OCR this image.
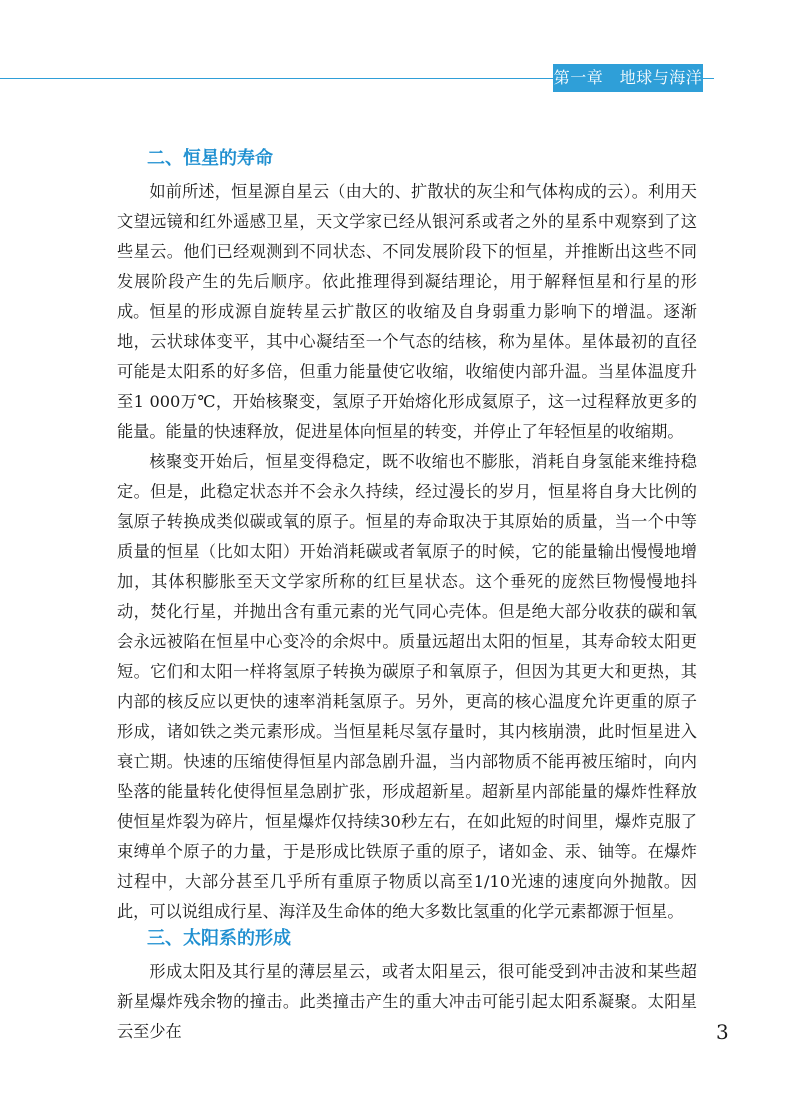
第一章　地球与海洋
二、恒星的寿命

如前所述，恒星源自星云（由大的、扩散状的灰尘和气体构成的云）。利用天文望远镜和红外遥感卫星，天文学家已经从银河系或者之外的星系中观察到了这些星云。他们已经观测到不同状态、不同发展阶段下的恒星，并推断出这些不同发展阶段产生的先后顺序。依此推理得到凝结理论，用于解释恒星和行星的形成。 恒星的形成源自旋转星云扩散区的收缩及自身弱重力影响下的增温。逐渐地，云状球体变平，其中心凝结至一个气态的结核，称为星体。星体最初的直径可能是太阳系的好多倍，但重力能量使它收缩，收缩使内部升温。当星体温度升至1 000万℃，开始核聚变，氢原子开始熔化形成氦原子，这一过程释放更多的能量。能量的快速释放，促进星体向恒星的转变，并停止了年轻恒星的收缩期。

核聚变开始后，恒星变得稳定，既不收缩也不膨胀，消耗自身氢能来维持稳定。但是，此稳定状态并不会永久持续，经过漫长的岁月，恒星将自身大比例的氢原子转换成类似碳或氧的原子。恒星的寿命取决于其原始的质量，当一个中等质量的恒星（比如太阳）开始消耗碳或者氧原子的时候，它的能量输出慢慢地增加，其体积膨胀至天文学家所称的红巨星状态。这个垂死的庞然巨物慢慢地抖动，焚化行星，并抛出含有重元素的光气同心壳体。但是绝大部分收获的碳和氧会永远被陷在恒星中心变冷的余烬中。质量远超出太阳的恒星，其寿命较太阳更短。它们和太阳一样将氢原子转换为碳原子和氧原子，但因为其更大和更热，其内部的核反应以更快的速率消耗氢原子。另外，更高的核心温度允许更重的原子形成，诸如铁之类元素形成。当恒星耗尽氢存量时，其内核崩溃，此时恒星进入衰亡期。快速的压缩使得恒星内部急剧升温，当内部物质不能再被压缩时，向内坠落的能量转化使得恒星急剧扩张，形成超新星。超新星内部能量的爆炸性释放使恒星炸裂为碎片，恒星爆炸仅持续30秒左右，在如此短的时间里，爆炸克服了束缚单个原子的力量，于是形成比铁原子重的原子，诸如金、汞、铀等。在爆炸过程中，大部分甚至几乎所有重原子物质以高至1/10光速的速度向外抛散。因此，可以说组成行星、海洋及生命体的绝大多数比氢重的化学元素都源于恒星。

三、太阳系的形成

形成太阳及其行星的薄层星云，或者太阳星云，很可能受到冲击波和某些超新星爆炸残余物的撞击。此类撞击产生的重大冲击可能引起太阳系凝聚。太阳星云至少在	3
